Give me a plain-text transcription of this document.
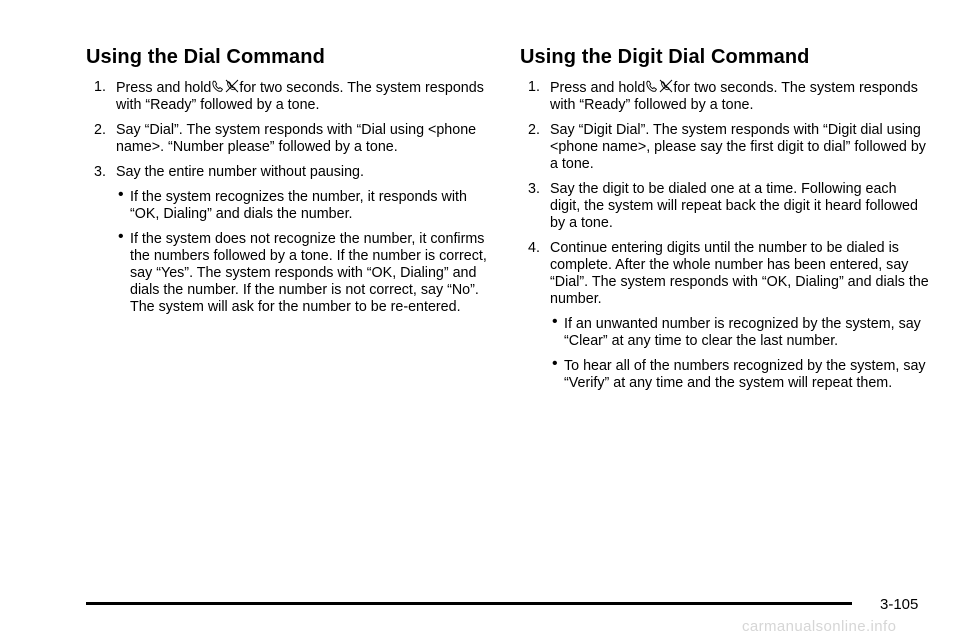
Using the Dial Command
1. Press and hold for two seconds. The system responds with “Ready” followed by a tone.
2. Say “Dial”. The system responds with “Dial using <phone name>. “Number please” followed by a tone.
3. Say the entire number without pausing.
• If the system recognizes the number, it responds with “OK, Dialing” and dials the number.
• If the system does not recognize the number, it confirms the numbers followed by a tone. If the number is correct, say “Yes”. The system responds with “OK, Dialing” and dials the number. If the number is not correct, say “No”. The system will ask for the number to be re-entered.
Using the Digit Dial Command
1. Press and hold for two seconds. The system responds with “Ready” followed by a tone.
2. Say “Digit Dial”. The system responds with “Digit dial using <phone name>, please say the first digit to dial” followed by a tone.
3. Say the digit to be dialed one at a time. Following each digit, the system will repeat back the digit it heard followed by a tone.
4. Continue entering digits until the number to be dialed is complete. After the whole number has been entered, say “Dial”. The system responds with “OK, Dialing” and dials the number.
• If an unwanted number is recognized by the system, say “Clear” at any time to clear the last number.
• To hear all of the numbers recognized by the system, say “Verify” at any time and the system will repeat them.
3-105
carmanualsonline.info
